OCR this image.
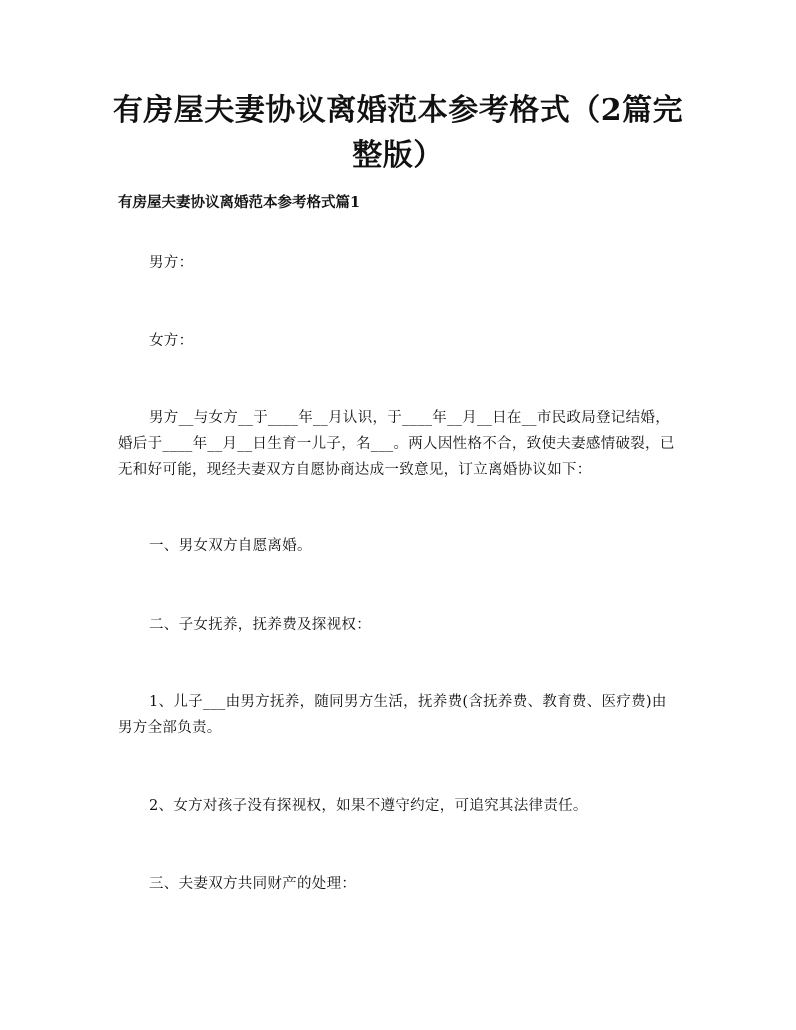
有房屋夫妻协议离婚范本参考格式（2篇完整版）
有房屋夫妻协议离婚范本参考格式篇1

男方：

女方：

男方__与女方__于____年__月认识，于____年__月__日在__市民政局登记结婚，婚后于____年__月__日生育一儿子，名___。两人因性格不合，致使夫妻感情破裂，已无和好可能，现经夫妻双方自愿协商达成一致意见，订立离婚协议如下：

一、男女双方自愿离婚。

二、子女抚养，抚养费及探视权：

1、儿子___由男方抚养，随同男方生活，抚养费(含抚养费、教育费、医疗费)由男方全部负责。

2、女方对孩子没有探视权，如果不遵守约定，可追究其法律责任。

三、夫妻双方共同财产的处理：
